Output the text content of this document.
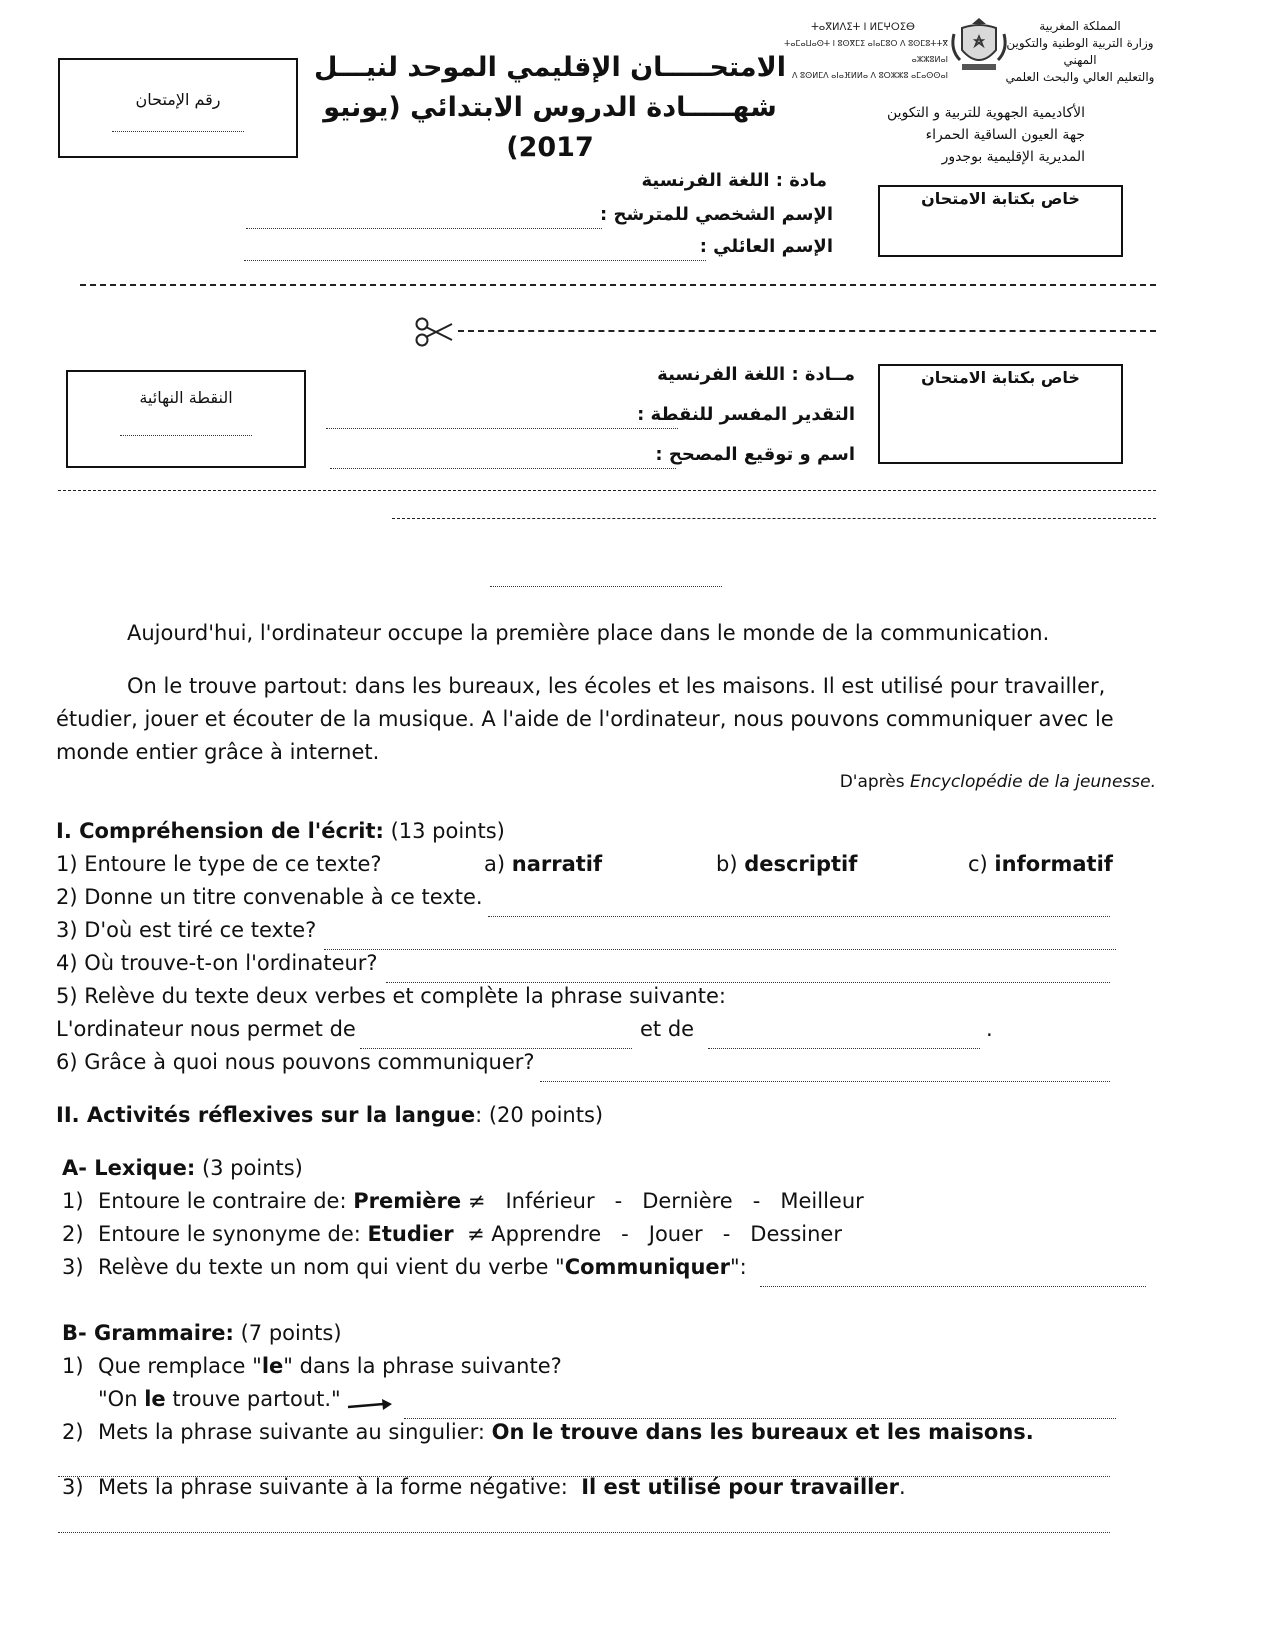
ⵜⴰⴳⵍⴷⵉⵜ ⵏ ⵍⵎⵖⵔⵉⴱ
ⵜⴰⵎⴰⵡⴰⵙⵜ ⵏ ⵓⵙⴳⵎⵉ ⴰⵏⴰⵎⵓⵔ ⴷ ⵓⵙⵎⵓⵜⵜⴳ ⴰⵣⵣⵓⵍⴰⵏ
ⴷ ⵓⵙⵍⵎⴷ ⴰⵏⴰⴼⵍⵍⴰ ⴷ ⵓⵔⵣⵣⵓ ⴰⵎⴰⵙⵙⴰⵏ
المملكة المغربية
وزارة التربية الوطنية والتكوين المهني
والتعليم العالي والبحث العلمي
الأكاديمية الجهوية للتربية و التكوين
جهة العيون الساقية الحمراء
المديرية الإقليمية بوجدور
الامتحـــــان الإقليمي الموحد لنيـــل
شهـــــادة الدروس الابتدائي (يونيو 2017)
رقم الإمتحان
مادة : اللغة الفرنسية
الإسم الشخصي للمترشح :
الإسم العائلي :
خاص بكتابة الامتحان
النقطة النهائية
مــادة : اللغة الفرنسية
التقدير المفسر للنقطة :
اسم و توقيع المصحح :
خاص بكتابة الامتحان
Aujourd'hui, l'ordinateur occupe la première place dans le monde de la communication.
On le trouve partout: dans les bureaux, les écoles et les maisons. Il est utilisé pour travailler,
étudier, jouer et écouter de la musique. A l'aide de l'ordinateur, nous pouvons communiquer avec le
monde entier grâce à internet.
D'après Encyclopédie de la jeunesse.
I. Compréhension de l'écrit: (13 points)
1) Entoure le type de ce texte?	a) narratif	b) descriptif	c) informatif
2) Donne un titre convenable à ce texte.
3) D'où est tiré ce texte?
4) Où trouve-t-on l'ordinateur?
5) Relève du texte deux verbes et complète la phrase suivante:
L'ordinateur nous permet de	et de	.
6) Grâce à quoi nous pouvons communiquer?
II. Activités réflexives sur la langue: (20 points)
A- Lexique: (3 points)
1) Entoure le contraire de: Première ≠   Inférieur   -   Dernière   -   Meilleur
2) Entoure le synonyme de: Etudier  ≠ Apprendre   -   Jouer   -   Dessiner
3) Relève du texte un nom qui vient du verbe "Communiquer":
B- Grammaire: (7 points)
1) Que remplace "le" dans la phrase suivante?
"On le trouve partout."
2) Mets la phrase suivante au singulier: On le trouve dans les bureaux et les maisons.
3) Mets la phrase suivante à la forme négative:  Il est utilisé pour travailler.
